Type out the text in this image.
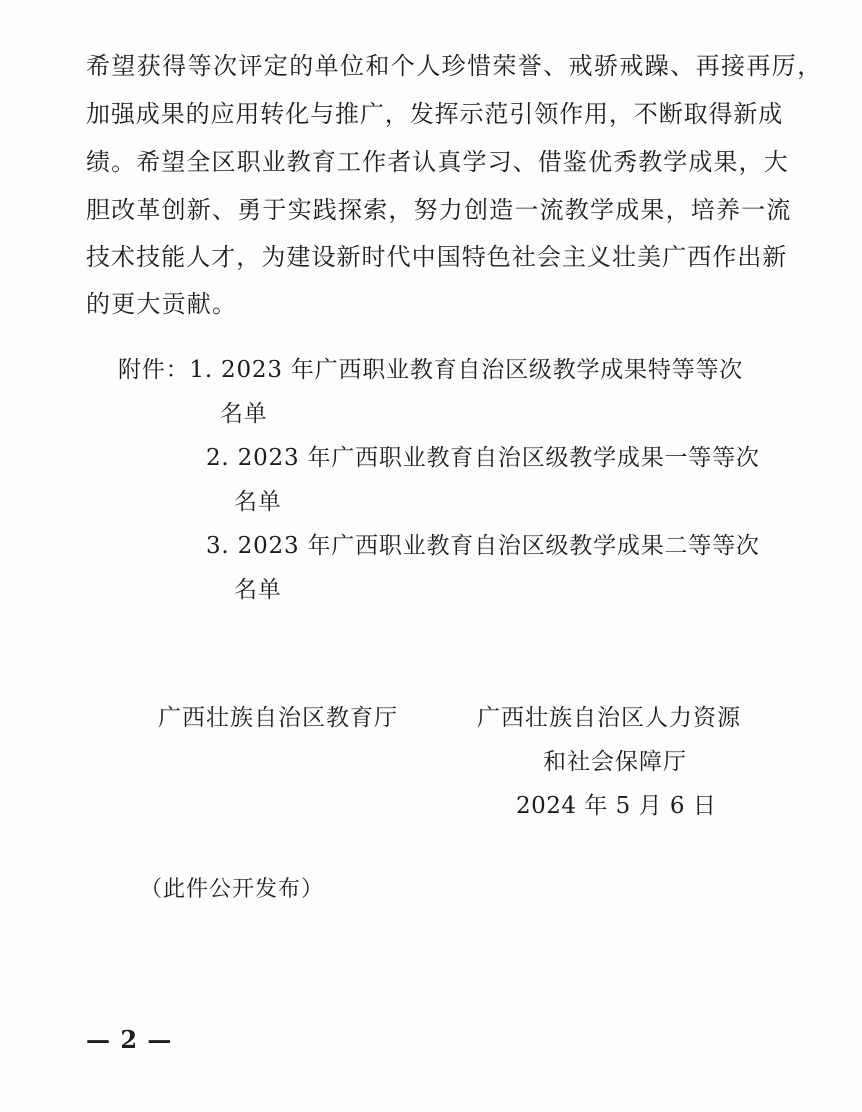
希望获得等次评定的单位和个人珍惜荣誉、戒骄戒躁、再接再厉，
加强成果的应用转化与推广，发挥示范引领作用，不断取得新成
绩。希望全区职业教育工作者认真学习、借鉴优秀教学成果，大
胆改革创新、勇于实践探索，努力创造一流教学成果，培养一流
技术技能人才，为建设新时代中国特色社会主义壮美广西作出新
的更大贡献。
附件：1. 2023 年广西职业教育自治区级教学成果特等等次
名单
2. 2023 年广西职业教育自治区级教学成果一等等次
名单
3. 2023 年广西职业教育自治区级教学成果二等等次
名单
广西壮族自治区教育厅	广西壮族自治区人力资源
和社会保障厅
2024 年 5 月 6 日
（此件公开发布）
— 2 —
